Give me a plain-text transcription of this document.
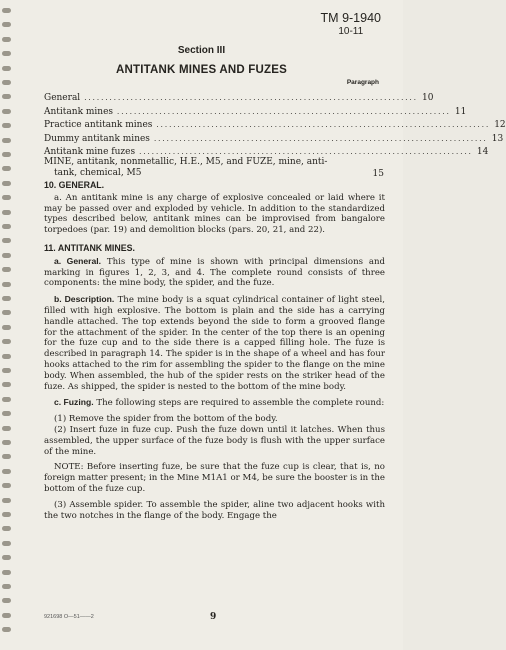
TM 9-1940
10-11
Section III
ANTITANK MINES AND FUZES
Paragraph
General ............................................................................... 10
Antitank mines ............................................................................... 11
Practice antitank mines ............................................................................... 12
Dummy antitank mines ............................................................................... 13
Antitank mine fuzes ............................................................................... 14
MINE, antitank, nonmetallic, H.E., M5, and FUZE, mine, anti-
tank, chemical, M5	15
10. GENERAL.

a. An antitank mine is any charge of explosive concealed or laid where it may be passed over and exploded by vehicle. In addition to the standardized types described below, antitank mines can be improvised from bangalore torpedoes (par. 19) and demolition blocks (pars. 20, 21, and 22).

11. ANTITANK MINES.

a. General. This type of mine is shown with principal dimensions and marking in figures 1, 2, 3, and 4. The complete round consists of three components: the mine body, the spider, and the fuze.

b. Description. The mine body is a squat cylindrical container of light steel, filled with high explosive. The bottom is plain and the side has a carrying handle attached. The top extends beyond the side to form a grooved flange for the attachment of the spider. In the center of the top there is an opening for the fuze cup and to the side there is a capped filling hole. The fuze is described in paragraph 14. The spider is in the shape of a wheel and has four hooks attached to the rim for assembling the spider to the flange on the mine body. When assembled, the hub of the spider rests on the striker head of the fuze. As shipped, the spider is nested to the bottom of the mine body.

c. Fuzing. The following steps are required to assemble the complete round:

(1) Remove the spider from the bottom of the body.

(2) Insert fuze in fuze cup. Push the fuze down until it latches. When thus assembled, the upper surface of the fuze body is flush with the upper surface of the mine.

NOTE: Before inserting fuze, be sure that the fuze cup is clear, that is, no foreign matter present; in the Mine M1A1 or M4, be sure the booster is in the bottom of the fuze cup.

(3) Assemble spider. To assemble the spider, aline two adjacent hooks with the two notches in the flange of the body. Engage the

921698 O—51——2	9
